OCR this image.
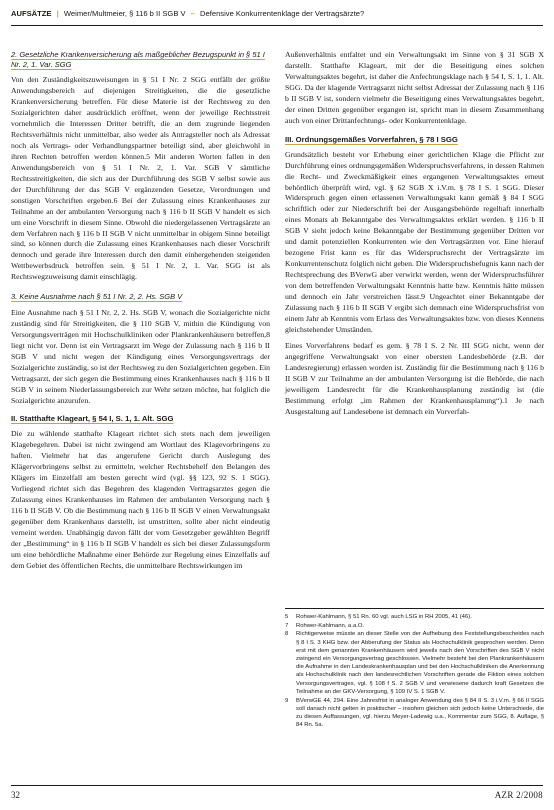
AUFSÄTZE | Weimer/Multmeier, § 116 b II SGB V – Defensive Konkurrentenklage der Vertragsärzte?
2. Gesetzliche Krankenversicherung als maßgeblicher Bezugspunkt in § 51 I Nr. 2, 1. Var. SGG

Von den Zuständigkeitszuweisungen in § 51 I Nr. 2 SGG entfällt der größte Anwendungsbereich auf diejenigen Streitigkeiten, die die gesetzliche Krankenversicherung betreffen. Für diese Materie ist der Rechtsweg zu den Sozialgerichten daher ausdrücklich eröffnet, wenn der jeweilige Rechtsstreit vornehmlich die Interessen Dritter betrifft, die an dem zugrunde liegenden Rechtsverhältnis nicht unmittelbar, also weder als Antragsteller noch als Adressat noch als Vertrags- oder Verhandlungspartner beteiligt sind, aber gleichwohl in ihren Rechten betroffen werden können.5 Mit anderen Worten fallen in den Anwendungsbereich von § 51 I Nr. 2, 1. Var. SGB V sämtliche Rechtsstreitigkeiten, die sich aus der Durchführung des SGB V selbst sowie aus der Durchführung der das SGB V ergänzenden Gesetze, Verordnungen und sonstigen Vorschriften ergeben.6 Bei der Zulassung eines Krankenhauses zur Teilnahme an der ambulanten Versorgung nach § 116 b II SGB V handelt es sich um eine Vorschrift in diesem Sinne. Obwohl die niedergelassenen Vertragsärzte an dem Verfahren nach § 116 b II SGB V nicht unmittelbar in obigem Sinne beteiligt sind, so können durch die Zulassung eines Krankenhauses nach dieser Vorschrift dennoch und gerade ihre Interessen durch den damit einhergehenden steigenden Wettbewerbsdruck betroffen sein. § 51 I Nr. 2, 1. Var. SGG ist als Rechtswegzuweisung damit einschlägig.

3. Keine Ausnahme nach § 51 I Nr. 2, 2. Hs. SGB V

Eine Ausnahme nach § 51 I Nr. 2, 2. Hs. SGB V, wonach die Sozialgerichte nicht zuständig sind für Streitigkeiten, die § 110 SGB V, mithin die Kündigung von Versorgungsverträgen mit Hochschulkliniken oder Plankrankenhäusern betreffen,8 liegt nicht vor. Denn ist ein Vertragsarzt im Wege der Zulassung nach § 116 b II SGB V und nicht wegen der Kündigung eines Versorgungsvertrags der Sozialgerichte zuständig, so ist der Rechtsweg zu den Sozialgerichten gegeben. Ein Vertragsarzt, der sich gegen die Bestimmung eines Krankenhauses nach § 116 b II SGB V in seinem Niederlassungsbereich zur Wehr setzen möchte, hat folglich die Sozialgerichte anzurufen.

II. Statthafte Klageart, § 54 I, S. 1, 1. Alt. SGG

Die zu wählende statthafte Klageart richtet sich stets nach dem jeweiligen Klagebegehren. Dabei ist nicht zwingend am Wortlaut des Klagevorbringens zu haften. Vielmehr hat das angerufene Gericht durch Auslegung des Klägervorbringens selbst zu ermitteln, welcher Rechtsbehelf den Belangen des Klägers im Einzelfall am besten gerecht wird (vgl. §§ 123, 92 S. 1 SGG). Vorliegend richtet sich das Begehren des klagenden Vertragsarztes gegen die Zulassung eines Krankenhauses im Rahmen der ambulanten Versorgung nach § 116 b II SGB V. Ob die Bestimmung nach § 116 b II SGB V einen Verwaltungsakt gegenüber dem Krankenhaus darstellt, ist umstritten, sollte aber nicht eindeutig verneint werden. Unabhängig davon fällt der vom Gesetzgeber gewählten Begriff der „Bestimmung“ in § 116 b II SGB V handelt es sich bei dieser Zulassungsform um eine behördliche Maßnahme einer Behörde zur Regelung eines Einzelfalls auf dem Gebiet des öffentlichen Rechts, die unmittelbare Rechtswirkungen im

Außenverhältnis entfaltet und ein Verwaltungsakt im Sinne von § 31 SGB X darstellt. Statthafte Klageart, mit der die Beseitigung eines solchen Verwaltungsaktes begehrt, ist daher die Anfechtungsklage nach § 54 I, S. 1, 1. Alt. SGG. Da der klagende Vertragsarzt nicht selbst Adressat der Zulassung nach § 116 b II SGB V ist, sondern vielmehr die Beseitigung eines Verwaltungsaktes begehrt, der einen Dritten gegenüber ergangen ist, spricht man in diesem Zusammenhang auch von einer Drittanfechtungs- oder Konkurrentenklage.

III. Ordnungsgemäßes Vorverfahren, § 78 I SGG

Grundsätzlich besteht vor Erhebung einer gerichtlichen Klage die Pflicht zur Durchführung eines ordnungsgemäßen Widerspruchsverfahrens, in dessen Rahmen die Recht- und Zweckmäßigkeit eines ergangenen Verwaltungsaktes erneut behördlich überprüft wird, vgl. § 62 SGB X i.V.m. § 78 I S. 1 SGG. Dieser Widerspruch gegen einen erlassenen Verwaltungsakt kann gemäß § 84 I SGG schriftlich oder zur Niederschrift bei der Ausgangsbehörde regelhaft innerhalb eines Monats ab Bekanntgabe des Verwaltungsaktes erklärt werden. § 116 b II SGB V sieht jedoch keine Bekanntgabe der Bestimmung gegenüber Dritten vor und damit potenziellen Konkurrenten wie den Vertragsärzten vor. Eine hierauf bezogene Frist kann es für das Widerspruchsrecht der Vertragsärzte im Konkurrentenschutz folglich nicht geben. Die Widerspruchsbefugnis kann nach der Rechtsprechung des BVerwG aber verwirkt werden, wenn der Widerspruchsführer von dem betreffenden Verwaltungsakt Kenntnis hatte bzw. Kenntnis hätte müssen und dennoch ein Jahr verstreichen lässt.9 Ungeachtet einer Bekanntgabe der Zulassung nach § 116 b II SGB V ergibt sich demnach eine Widerspruchsfrist von einem Jahr ab Kenntnis vom Erlass des Verwaltungsaktes bzw. von dieses Kennens gleichstehender Umständen.

Eines Vorverfahrens bedarf es gem. § 78 I S. 2 Nr. III SGG nicht, wenn der angegriffene Verwaltungsakt von einer obersten Landesbehörde (z.B. der Landesregierung) erlassen worden ist. Zuständig für die Bestimmung nach § 116 b II SGB V zur Teilnahme an der ambulanten Versorgung ist die Behörde, die nach jeweiligem Landesrecht für die Krankenhausplanung zuständig ist (die Bestimmung erfolgt „im Rahmen der Krankenhausplanung“).1 Je nach Ausgestaltung auf Landesebene ist demnach ein Vorverfah-

5	Rohwer-Kahlmann, § 51 Rn. 60 vgl. auch LSG in RH 2005, 41 (46).
7	Rohwer-Kahlmann, a.a.O.
8	Richtigerweise müsste an dieser Stelle von der Aufhebung des Feststellungsbescheides nach § 8 I S. 3 KHG bzw. der Abberufung der Status als Hochschulklinik gesprochen werden. Denn erst mit dem genannten Krankenhäusern wird jeweils nach den Vorschriften des SGB V nicht zwingend ein Versorgungsvertrag geschlossen. Vielmehr besteht bei den Plankrankenhäusern die Aufnahme in den Landeskrankenhausplan und bei den Hochschulkliniken die Anerkennung als Hochschulklinik nach den landesrechtlichen Vorschriften gerade die Fiktion eines solchen Versorgungsvertrages, vgl. § 108 f S. 2 SGB V und verwiesene dadurch kraft Gesetzes die Teilnahme an der GKV-Versorgung, § 109 IV S. 1 SGB V.
9	BVerwGE 44, 294. Eine Jahresfrist in analoger Anwendung des § 84 II S. 3 i.V.m. § 66 II SGG soll danach nicht gelten in praktischer – insofern gleichen sich jedoch keine Unterschiede, die zu diesen Auffassungen, vgl. hierzu Meyer-Ladewig u.a., Kommentar zum SGG, 8. Auflage, § 84 Rn. 5a.
32	AZR 2/2008
